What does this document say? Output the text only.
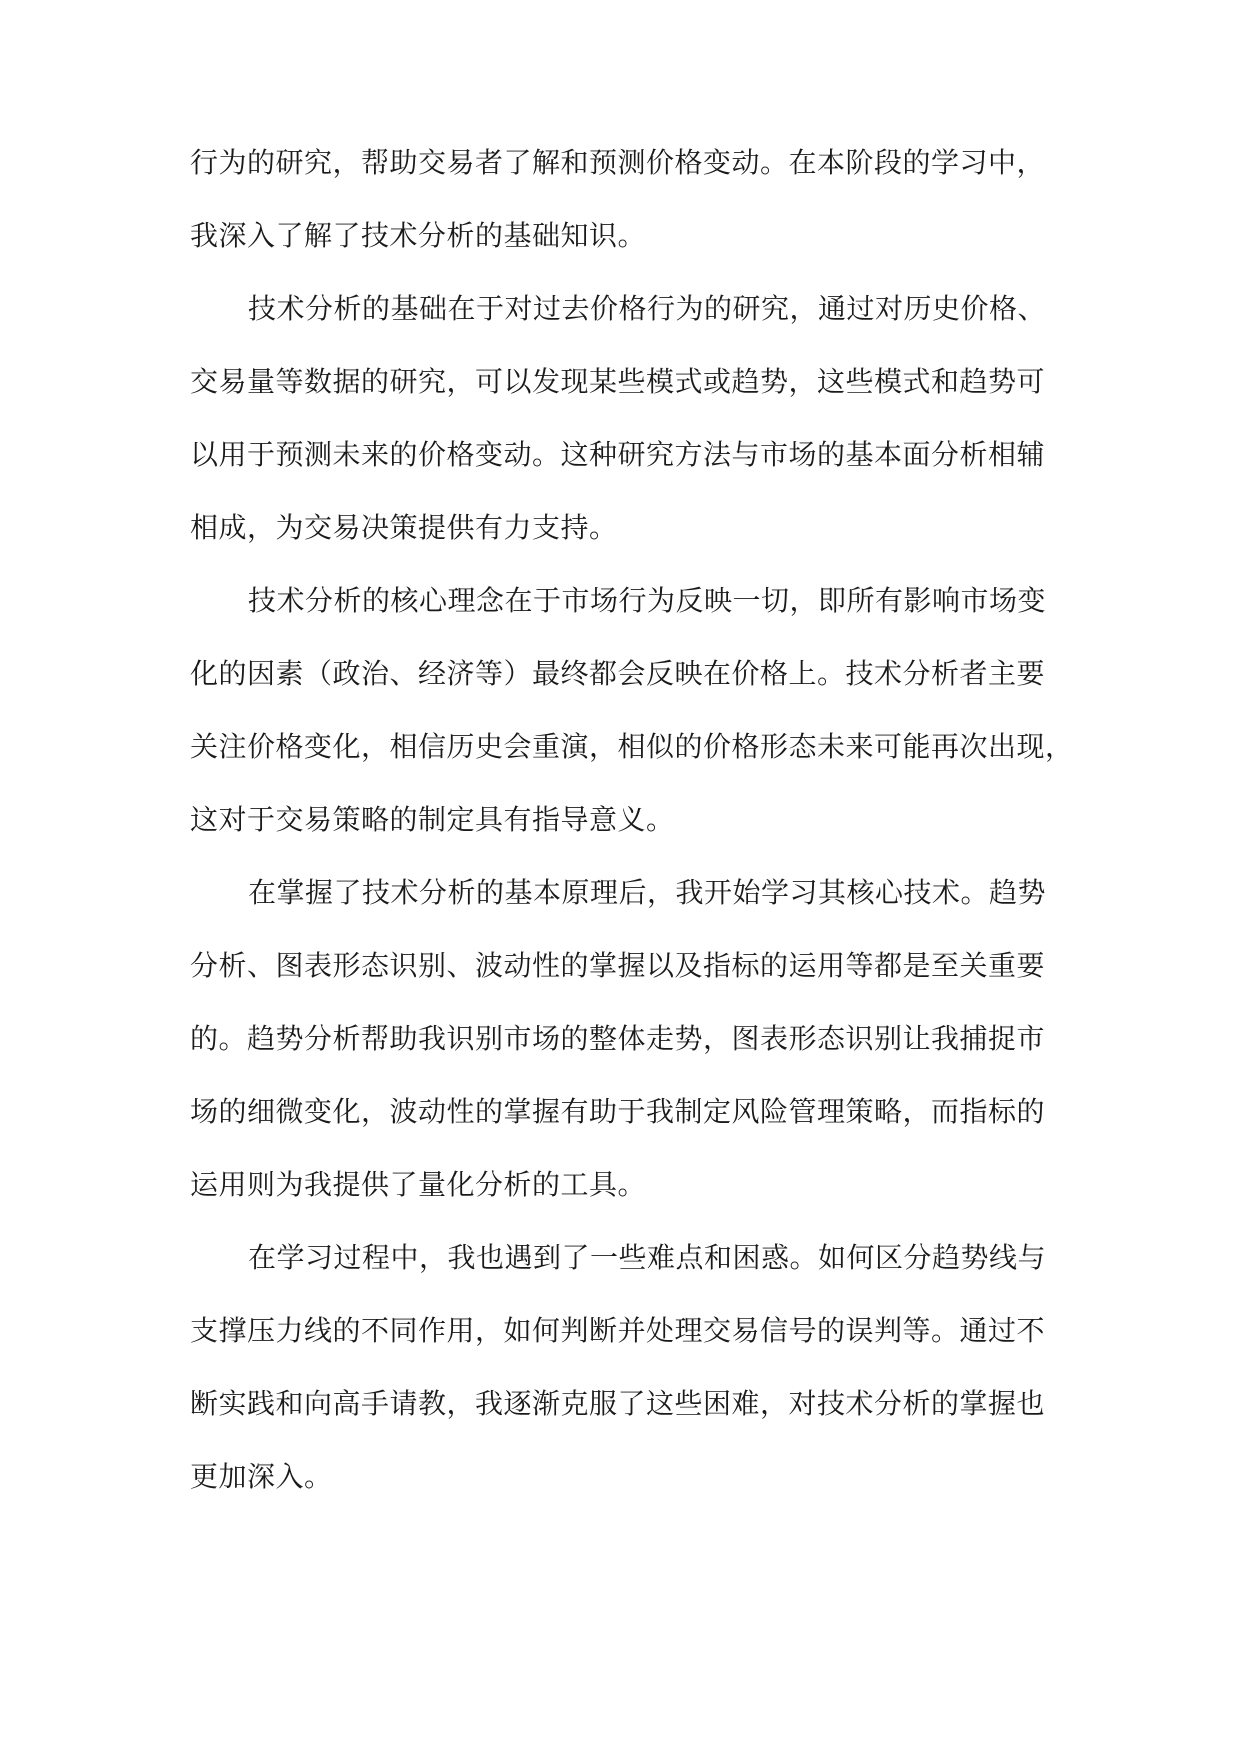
行为的研究，帮助交易者了解和预测价格变动。在本阶段的学习中，
我深入了解了技术分析的基础知识。
技术分析的基础在于对过去价格行为的研究，通过对历史价格、
交易量等数据的研究，可以发现某些模式或趋势，这些模式和趋势可
以用于预测未来的价格变动。这种研究方法与市场的基本面分析相辅
相成，为交易决策提供有力支持。
技术分析的核心理念在于市场行为反映一切，即所有影响市场变
化的因素（政治、经济等）最终都会反映在价格上。技术分析者主要
关注价格变化，相信历史会重演，相似的价格形态未来可能再次出现，
这对于交易策略的制定具有指导意义。
在掌握了技术分析的基本原理后，我开始学习其核心技术。趋势
分析、图表形态识别、波动性的掌握以及指标的运用等都是至关重要
的。趋势分析帮助我识别市场的整体走势，图表形态识别让我捕捉市
场的细微变化，波动性的掌握有助于我制定风险管理策略，而指标的
运用则为我提供了量化分析的工具。
在学习过程中，我也遇到了一些难点和困惑。如何区分趋势线与
支撑压力线的不同作用，如何判断并处理交易信号的误判等。通过不
断实践和向高手请教，我逐渐克服了这些困难，对技术分析的掌握也
更加深入。
